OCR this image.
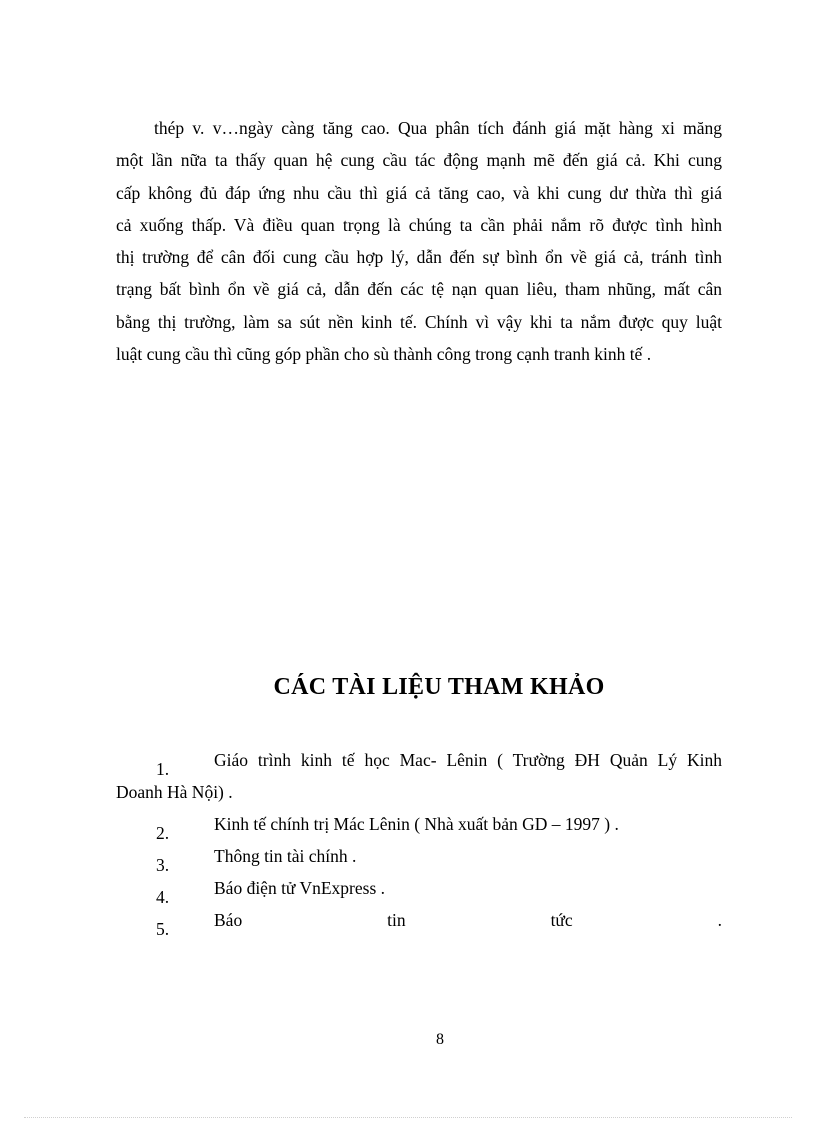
thép v. v…ngày càng tăng cao. Qua phân tích đánh giá mặt hàng xi măng
một lần nữa ta thấy quan hệ cung cầu tác động mạnh mẽ đến giá cả. Khi cung
cấp không đủ đáp ứng nhu cầu thì giá cả tăng cao, và khi cung dư thừa thì giá
cả xuống thấp. Và điều quan trọng là chúng ta cần phải nắm rõ được tình hình
thị trường để cân đối cung cầu hợp lý, dẫn đến sự bình ổn về giá cả, tránh tình
trạng bất bình ổn về giá cả, dẫn đến các tệ nạn quan liêu, tham nhũng, mất cân
bằng thị trường, làm sa sút nền kinh tế. Chính vì vậy khi ta nắm được quy luật
luật cung cầu thì cũng góp phần cho sù thành công trong cạnh tranh kinh tế .
CÁC TÀI LIỆU THAM KHẢO
1.	Giáo trình kinh tế học Mac- Lênin ( Trường ĐH Quản Lý Kinh
Doanh Hà Nội) .
2.	Kinh tế chính trị Mác Lênin ( Nhà xuất bản GD – 1997 ) .
3.	Thông tin tài chính .
4.	Báo điện tử VnExpress .
5.	Báo	tin	tức	.
8
